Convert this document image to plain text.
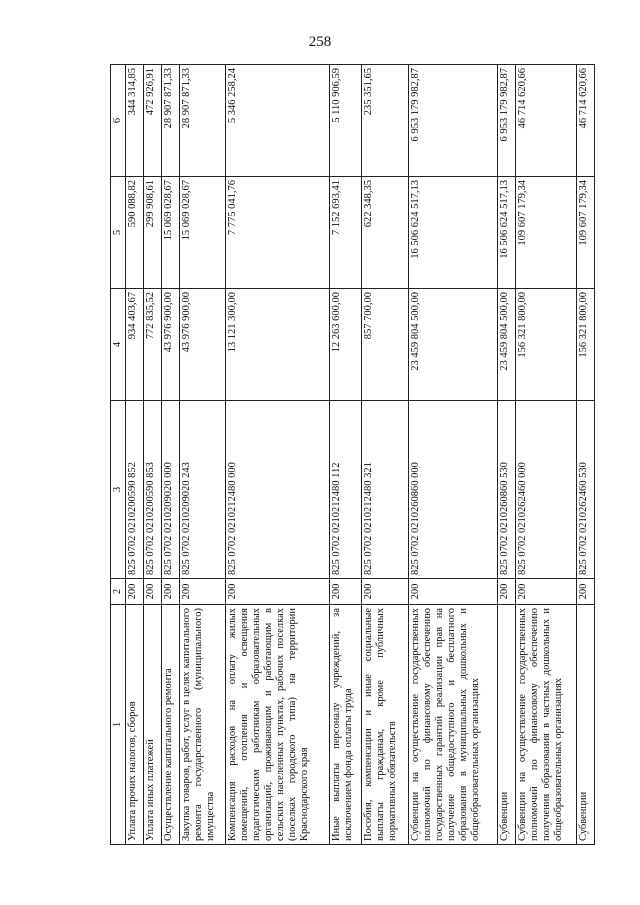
258
1	2	3	4	5	6
Уплата прочих налогов, сборов	200	825 0702 0210200590 852	934 403,67	590 088,82	344 314,85
Уплата иных платежей	200	825 0702 0210200590 853	772 835,52	299 908,61	472 926,91
Осуществление капитального ремонта	200	825 0702 0210209020 000	43 976 900,00	15 069 028,67	28 907 871,33
Закупка товаров, работ, услуг в целях капитального ремонта государственного (муниципального) имущества	200	825 0702 0210209020 243	43 976 900,00	15 069 028,67	28 907 871,33
Компенсация расходов на оплату жилых помещений, отопления и освещения педагогическим работникам образовательных организаций, проживающим и работающим в сельских населенных пунктах, рабочих поселках (поселках городского типа) на территории Краснодарского края	200	825 0702 0210212480 000	13 121 300,00	7 775 041,76	5 346 258,24
Иные выплаты персоналу учреждений, за исключением фонда оплаты труда	200	825 0702 0210212480 112	12 263 600,00	7 152 693,41	5 110 906,59
Пособия, компенсации и иные социальные выплаты гражданам, кроме публичных нормативных обязательств	200	825 0702 0210212480 321	857 700,00	622 348,35	235 351,65
Субвенции на осуществление государственных полномочий по финансовому обеспечению государственных гарантий реализации прав на получение общедоступного и бесплатного образования в муниципальных дошкольных и общеобразовательных организациях	200	825 0702 0210260860 000	23 459 804 500,00	16 506 624 517,13	6 953 179 982,87
Субвенции	200	825 0702 0210260860 530	23 459 804 500,00	16 506 624 517,13	6 953 179 982,87
Субвенции на осуществление государственных полномочий по финансовому обеспечению получения образования в частных дошкольных и общеобразовательных организациях	200	825 0702 0210262460 000	156 321 800,00	109 607 179,34	46 714 620,66
Субвенции	200	825 0702 0210262460 530	156 321 800,00	109 607 179,34	46 714 620,66
